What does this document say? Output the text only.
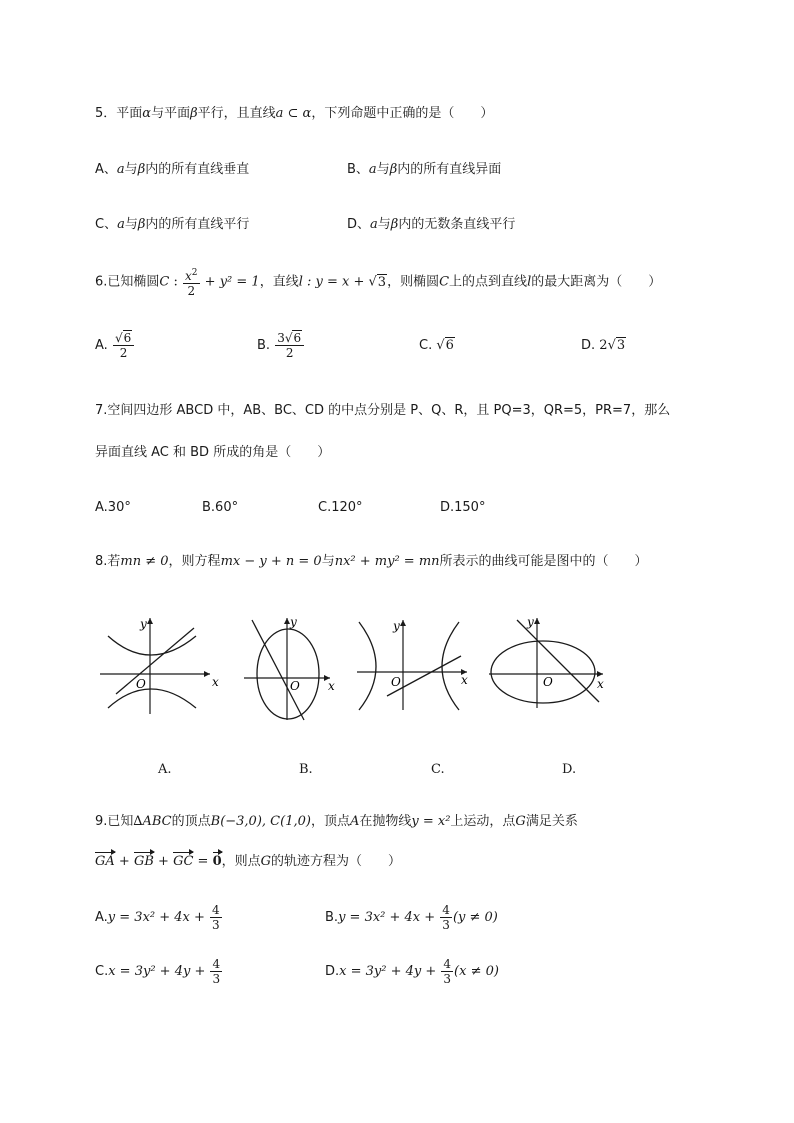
5．平面α与平面β平行，且直线a ⊂ α，下列命题中正确的是（　　）
A、a与β内的所有直线垂直	B、a与β内的所有直线异面
C、a与β内的所有直线平行	D、a与β内的无数条直线平行
6.已知椭圆C : $\frac{x^2}{2} + y^2 = 1$，直线l : y = x + √3，则椭圆C上的点到直线l的最大距离为（　　）
A. $\frac{√6}{2}$	B. $\frac{3√6}{2}$	C. √6	D. 2√3
7.空间四边形 ABCD 中，AB、BC、CD 的中点分别是 P、Q、R，且 PQ=3，QR=5，PR=7，那么
异面直线 AC 和 BD 所成的角是（　　）
A.30°	B.60°	C.120°	D.150°
8.若mn ≠ 0，则方程mx − y + n = 0与nx² + my² = mn所表示的曲线可能是图中的（　　）
y
x
O
y
x
O
y
x
O
y
x
O
A.	B.	C.	D.
9.已知∆ABC的顶点B(−3,0), C(1,0)，顶点A在抛物线y = x²上运动，点G满足关系
GA + GB + GC = 0，则点G的轨迹方程为（　　）
$A.y = 3x^2 + 4x + \frac{4}{3}$	$B.y = 3x^2 + 4x + \frac{4}{3} (y \ne 0)$
$C.x = 3y^2 + 4y + \frac{4}{3}$	$D.x = 3y^2 + 4y + \frac{4}{3} (x \ne 0)$
